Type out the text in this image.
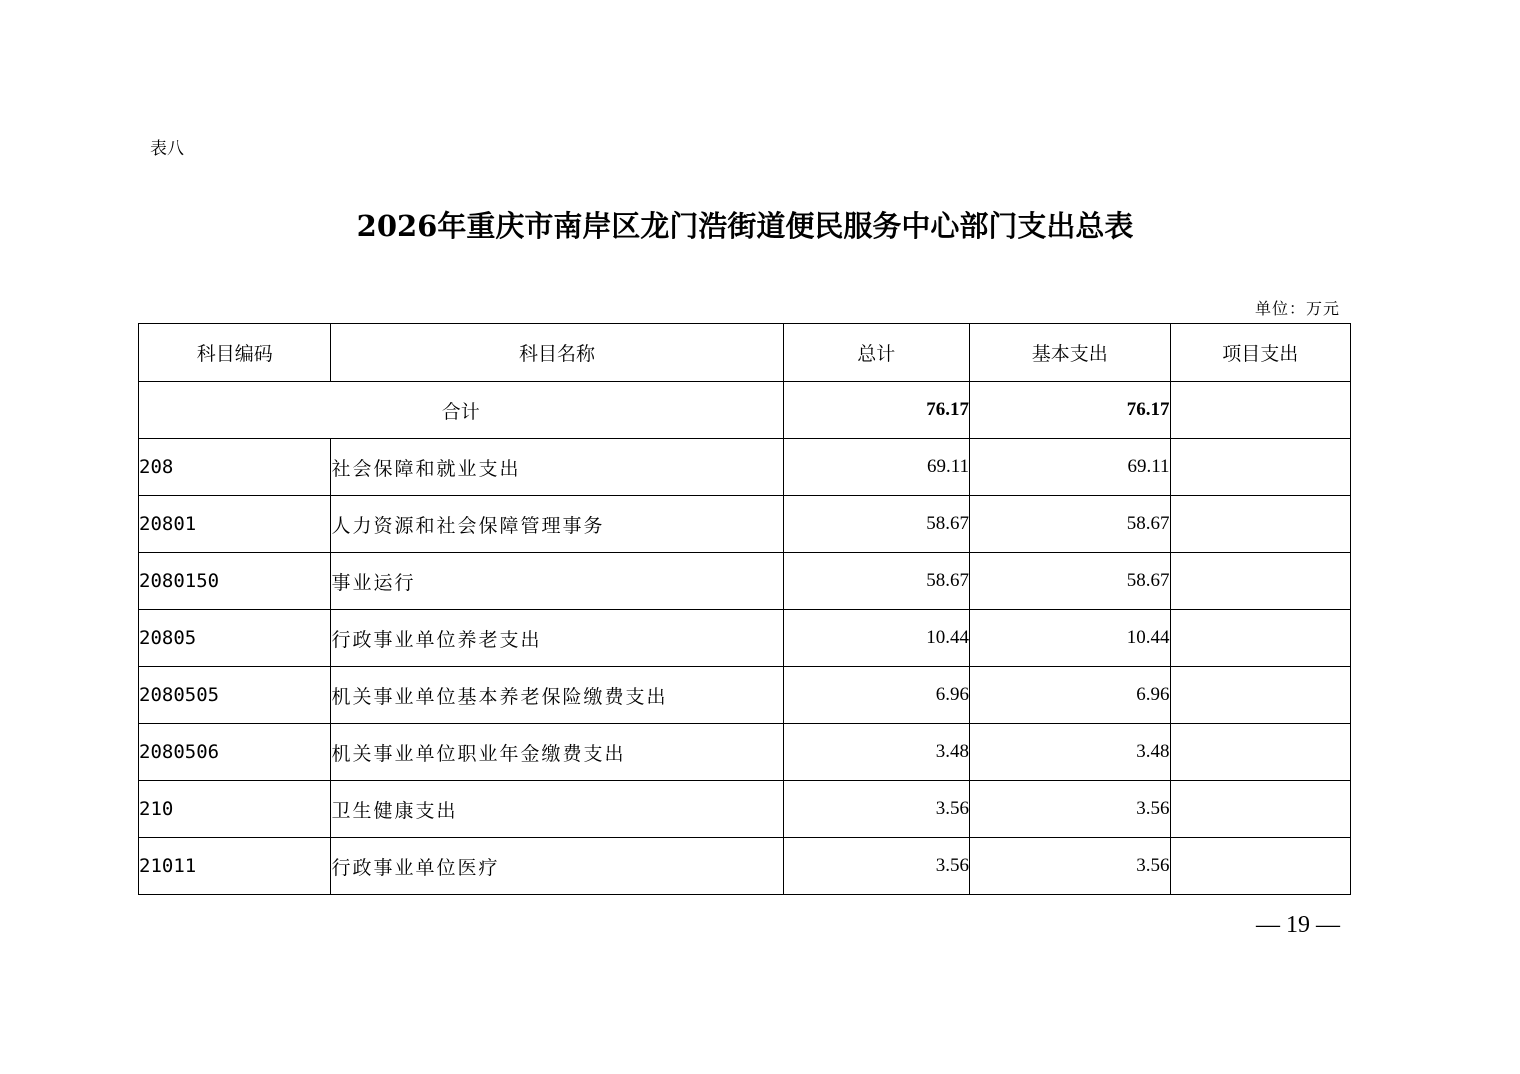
表八
2026年重庆市南岸区龙门浩街道便民服务中心部门支出总表
单位：万元
科目编码	科目名称	总计	基本支出	项目支出
合计		76.17	76.17	
208	社会保障和就业支出	69.11	69.11	
20801	人力资源和社会保障管理事务	58.67	58.67	
2080150	事业运行	58.67	58.67	
20805	行政事业单位养老支出	10.44	10.44	
2080505	机关事业单位基本养老保险缴费支出	6.96	6.96	
2080506	机关事业单位职业年金缴费支出	3.48	3.48	
210	卫生健康支出	3.56	3.56	
21011	行政事业单位医疗	3.56	3.56	
— 19 —
